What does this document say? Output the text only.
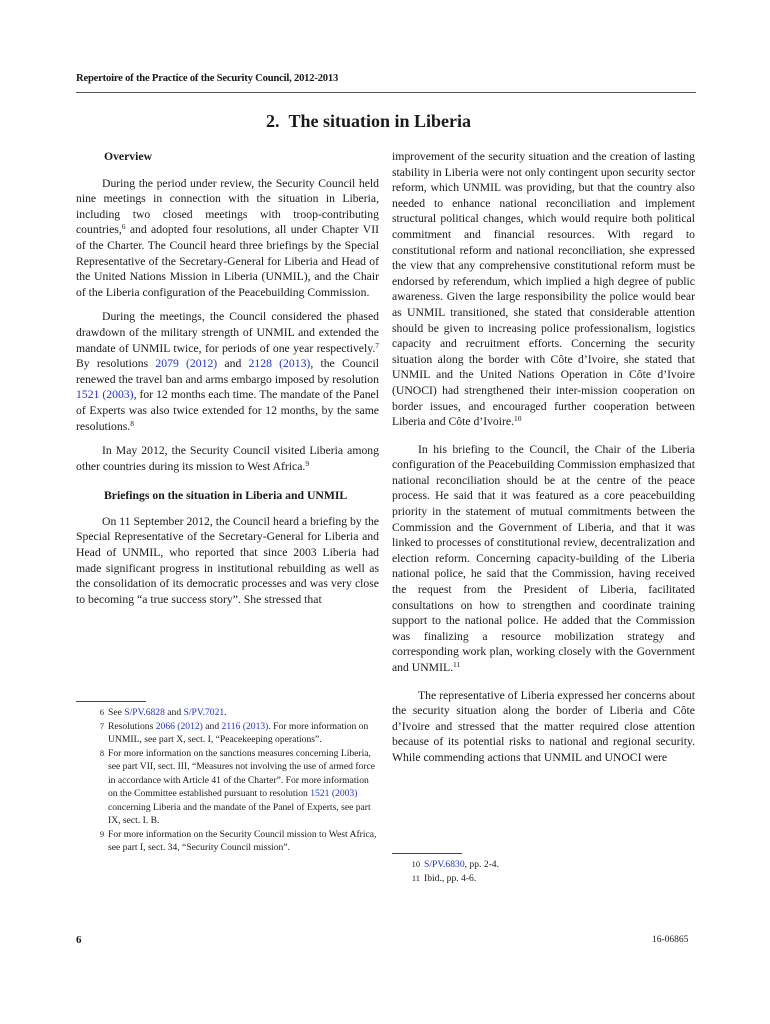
Repertoire of the Practice of the Security Council, 2012-2013
2. The situation in Liberia
Overview

During the period under review, the Security Council held nine meetings in connection with the situation in Liberia, including two closed meetings with troop-contributing countries,$^6$ and adopted four resolutions, all under Chapter VII of the Charter. The Council heard three briefings by the Special Representative of the Secretary-General for Liberia and Head of the United Nations Mission in Liberia (UNMIL), and the Chair of the Liberia configuration of the Peacebuilding Commission.

During the meetings, the Council considered the phased drawdown of the military strength of UNMIL and extended the mandate of UNMIL twice, for periods of one year respectively.$^7$ By resolutions 2079 (2012) and 2128 (2013), the Council renewed the travel ban and arms embargo imposed by resolution 1521 (2003), for 12 months each time. The mandate of the Panel of Experts was also twice extended for 12 months, by the same resolutions.$^8$

In May 2012, the Security Council visited Liberia among other countries during its mission to West Africa.$^9$

Briefings on the situation in Liberia and UNMIL

On 11 September 2012, the Council heard a briefing by the Special Representative of the Secretary-General for Liberia and Head of UNMIL, who reported that since 2003 Liberia had made significant progress in institutional rebuilding as well as the consolidation of its democratic processes and was very close to becoming “a true success story”. She stressed that

6 See S/PV.6828 and S/PV.7021.
7 Resolutions 2066 (2012) and 2116 (2013). For more information on UNMIL, see part X, sect. I, “Peacekeeping operations”.
8 For more information on the sanctions measures concerning Liberia, see part VII, sect. III, “Measures not involving the use of armed force in accordance with Article 41 of the Charter”. For more information on the Committee established pursuant to resolution 1521 (2003) concerning Liberia and the mandate of the Panel of Experts, see part IX, sect. I. B.
9 For more information on the Security Council mission to West Africa, see part I, sect. 34, “Security Council mission”.

improvement of the security situation and the creation of lasting stability in Liberia were not only contingent upon security sector reform, which UNMIL was providing, but that the country also needed to enhance national reconciliation and implement structural political changes, which would require both political commitment and financial resources. With regard to constitutional reform and national reconciliation, she expressed the view that any comprehensive constitutional reform must be endorsed by referendum, which implied a high degree of public awareness. Given the large responsibility the police would bear as UNMIL transitioned, she stated that considerable attention should be given to increasing police professionalism, logistics capacity and recruitment efforts. Concerning the security situation along the border with Côte d’Ivoire, she stated that UNMIL and the United Nations Operation in Côte d’Ivoire (UNOCI) had strengthened their inter-mission cooperation on border issues, and encouraged further cooperation between Liberia and Côte d’Ivoire.$^{10}$

In his briefing to the Council, the Chair of the Liberia configuration of the Peacebuilding Commission emphasized that national reconciliation should be at the centre of the peace process. He said that it was featured as a core peacebuilding priority in the statement of mutual commitments between the Commission and the Government of Liberia, and that it was linked to processes of constitutional review, decentralization and election reform. Concerning capacity-building of the Liberia national police, he said that the Commission, having received the request from the President of Liberia, facilitated consultations on how to strengthen and coordinate training support to the national police. He added that the Commission was finalizing a resource mobilization strategy and corresponding work plan, working closely with the Government and UNMIL.$^{11}$

The representative of Liberia expressed her concerns about the security situation along the border of Liberia and Côte d’Ivoire and stressed that the matter required close attention because of its potential risks to national and regional security. While commending actions that UNMIL and UNOCI were

10 S/PV.6830, pp. 2-4.
11 Ibid., pp. 4-6.
6	16-06865
